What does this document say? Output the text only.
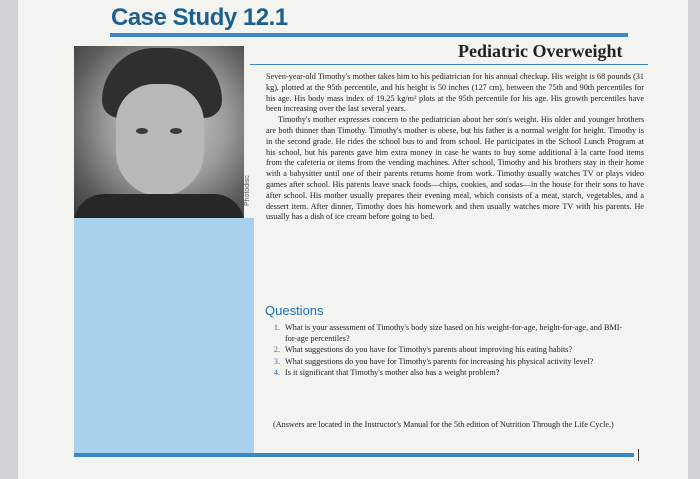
Case Study 12.1
Photodisc
Pediatric Overweight

Seven-year-old Timothy's mother takes him to his pediatrician for his annual checkup. His weight is 68 pounds (31 kg), plotted at the 95th percentile, and his height is 50 inches (127 cm), between the 75th and 90th percentiles for his age. His body mass index of 19.25 kg/m² plots at the 95th percentile for his age. His growth percentiles have been increasing over the last several years.

Timothy's mother expresses concern to the pediatrician about her son's weight. His older and younger brothers are both thinner than Timothy. Timothy's mother is obese, but his father is a normal weight for height. Timothy is in the second grade. He rides the school bus to and from school. He participates in the School Lunch Program at his school, but his parents gave him extra money in case he wants to buy some additional à la carte food items from the cafeteria or items from the vending machines. After school, Timothy and his brothers stay in their home with a babysitter until one of their parents returns home from work. Timothy usually watches TV or plays video games after school. His parents leave snack foods—chips, cookies, and sodas—in the house for their sons to have after school. His mother usually prepares their evening meal, which consists of a meat, starch, vegetables, and a dessert item. After dinner, Timothy does his homework and then usually watches more TV with his parents. He usually has a dish of ice cream before going to bed.

Questions
1. What is your assessment of Timothy's body size based on his weight-for-age, height-for-age, and BMI-for-age percentiles?
2. What suggestions do you have for Timothy's parents about improving his eating habits?
3. What suggestions do you have for Timothy's parents for increasing his physical activity level?
4. Is it significant that Timothy's mother also has a weight problem?

(Answers are located in the Instructor's Manual for the 5th edition of Nutrition Through the Life Cycle.)
